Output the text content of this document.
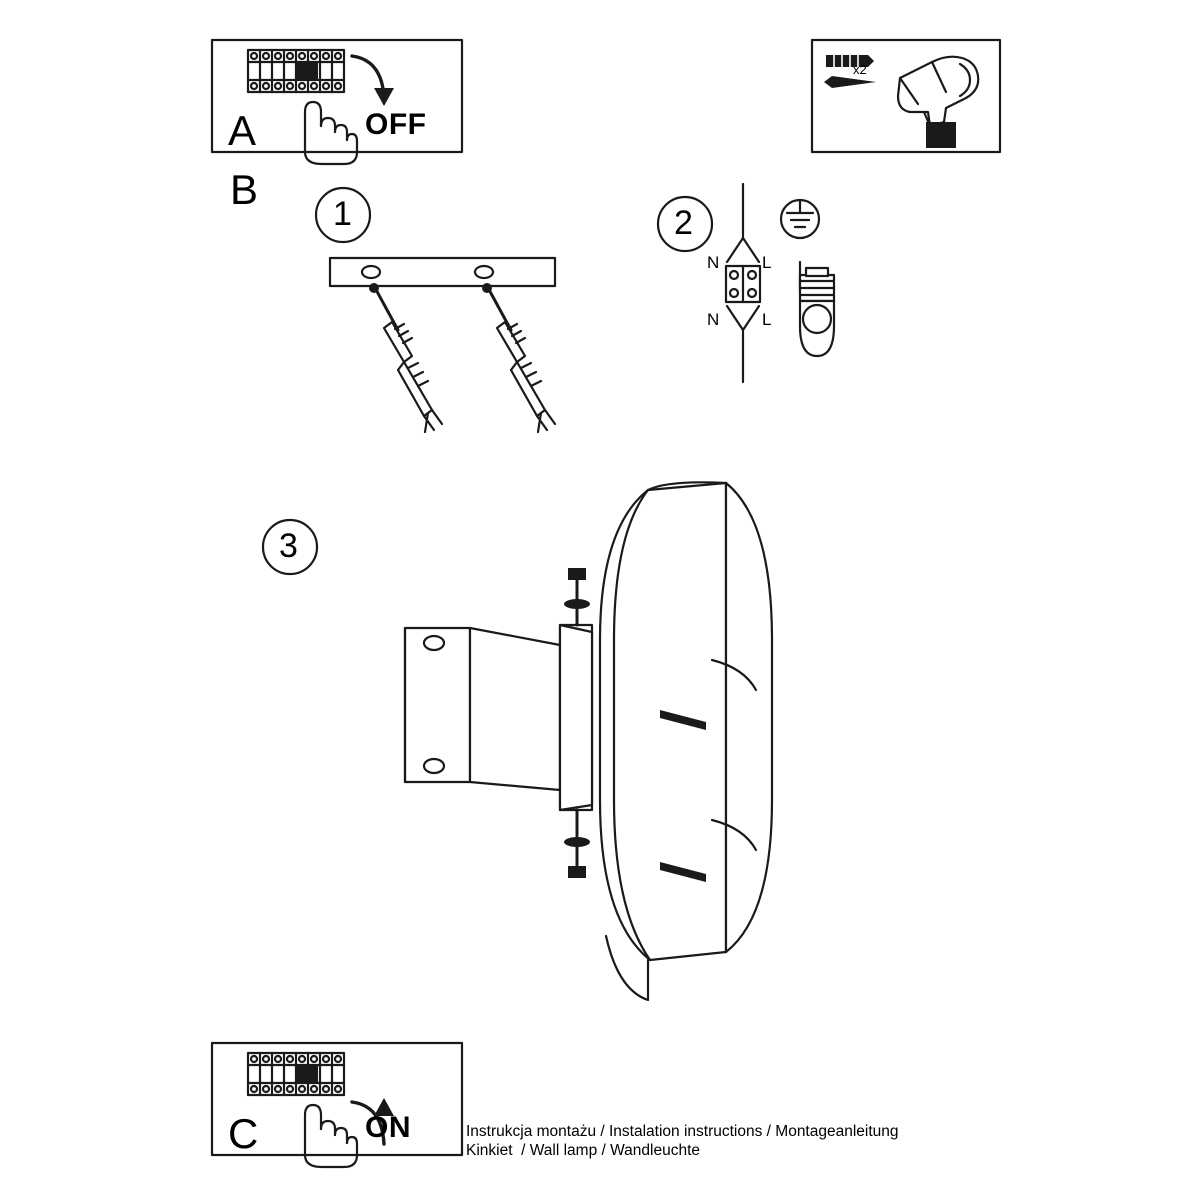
A	OFF
x2
B
1	2
3
N	L
N	L
C	ON	Instrukcja montażu / Instalation instructions / Montageanleitung
Kinkiet  / Wall lamp / Wandleuchte
